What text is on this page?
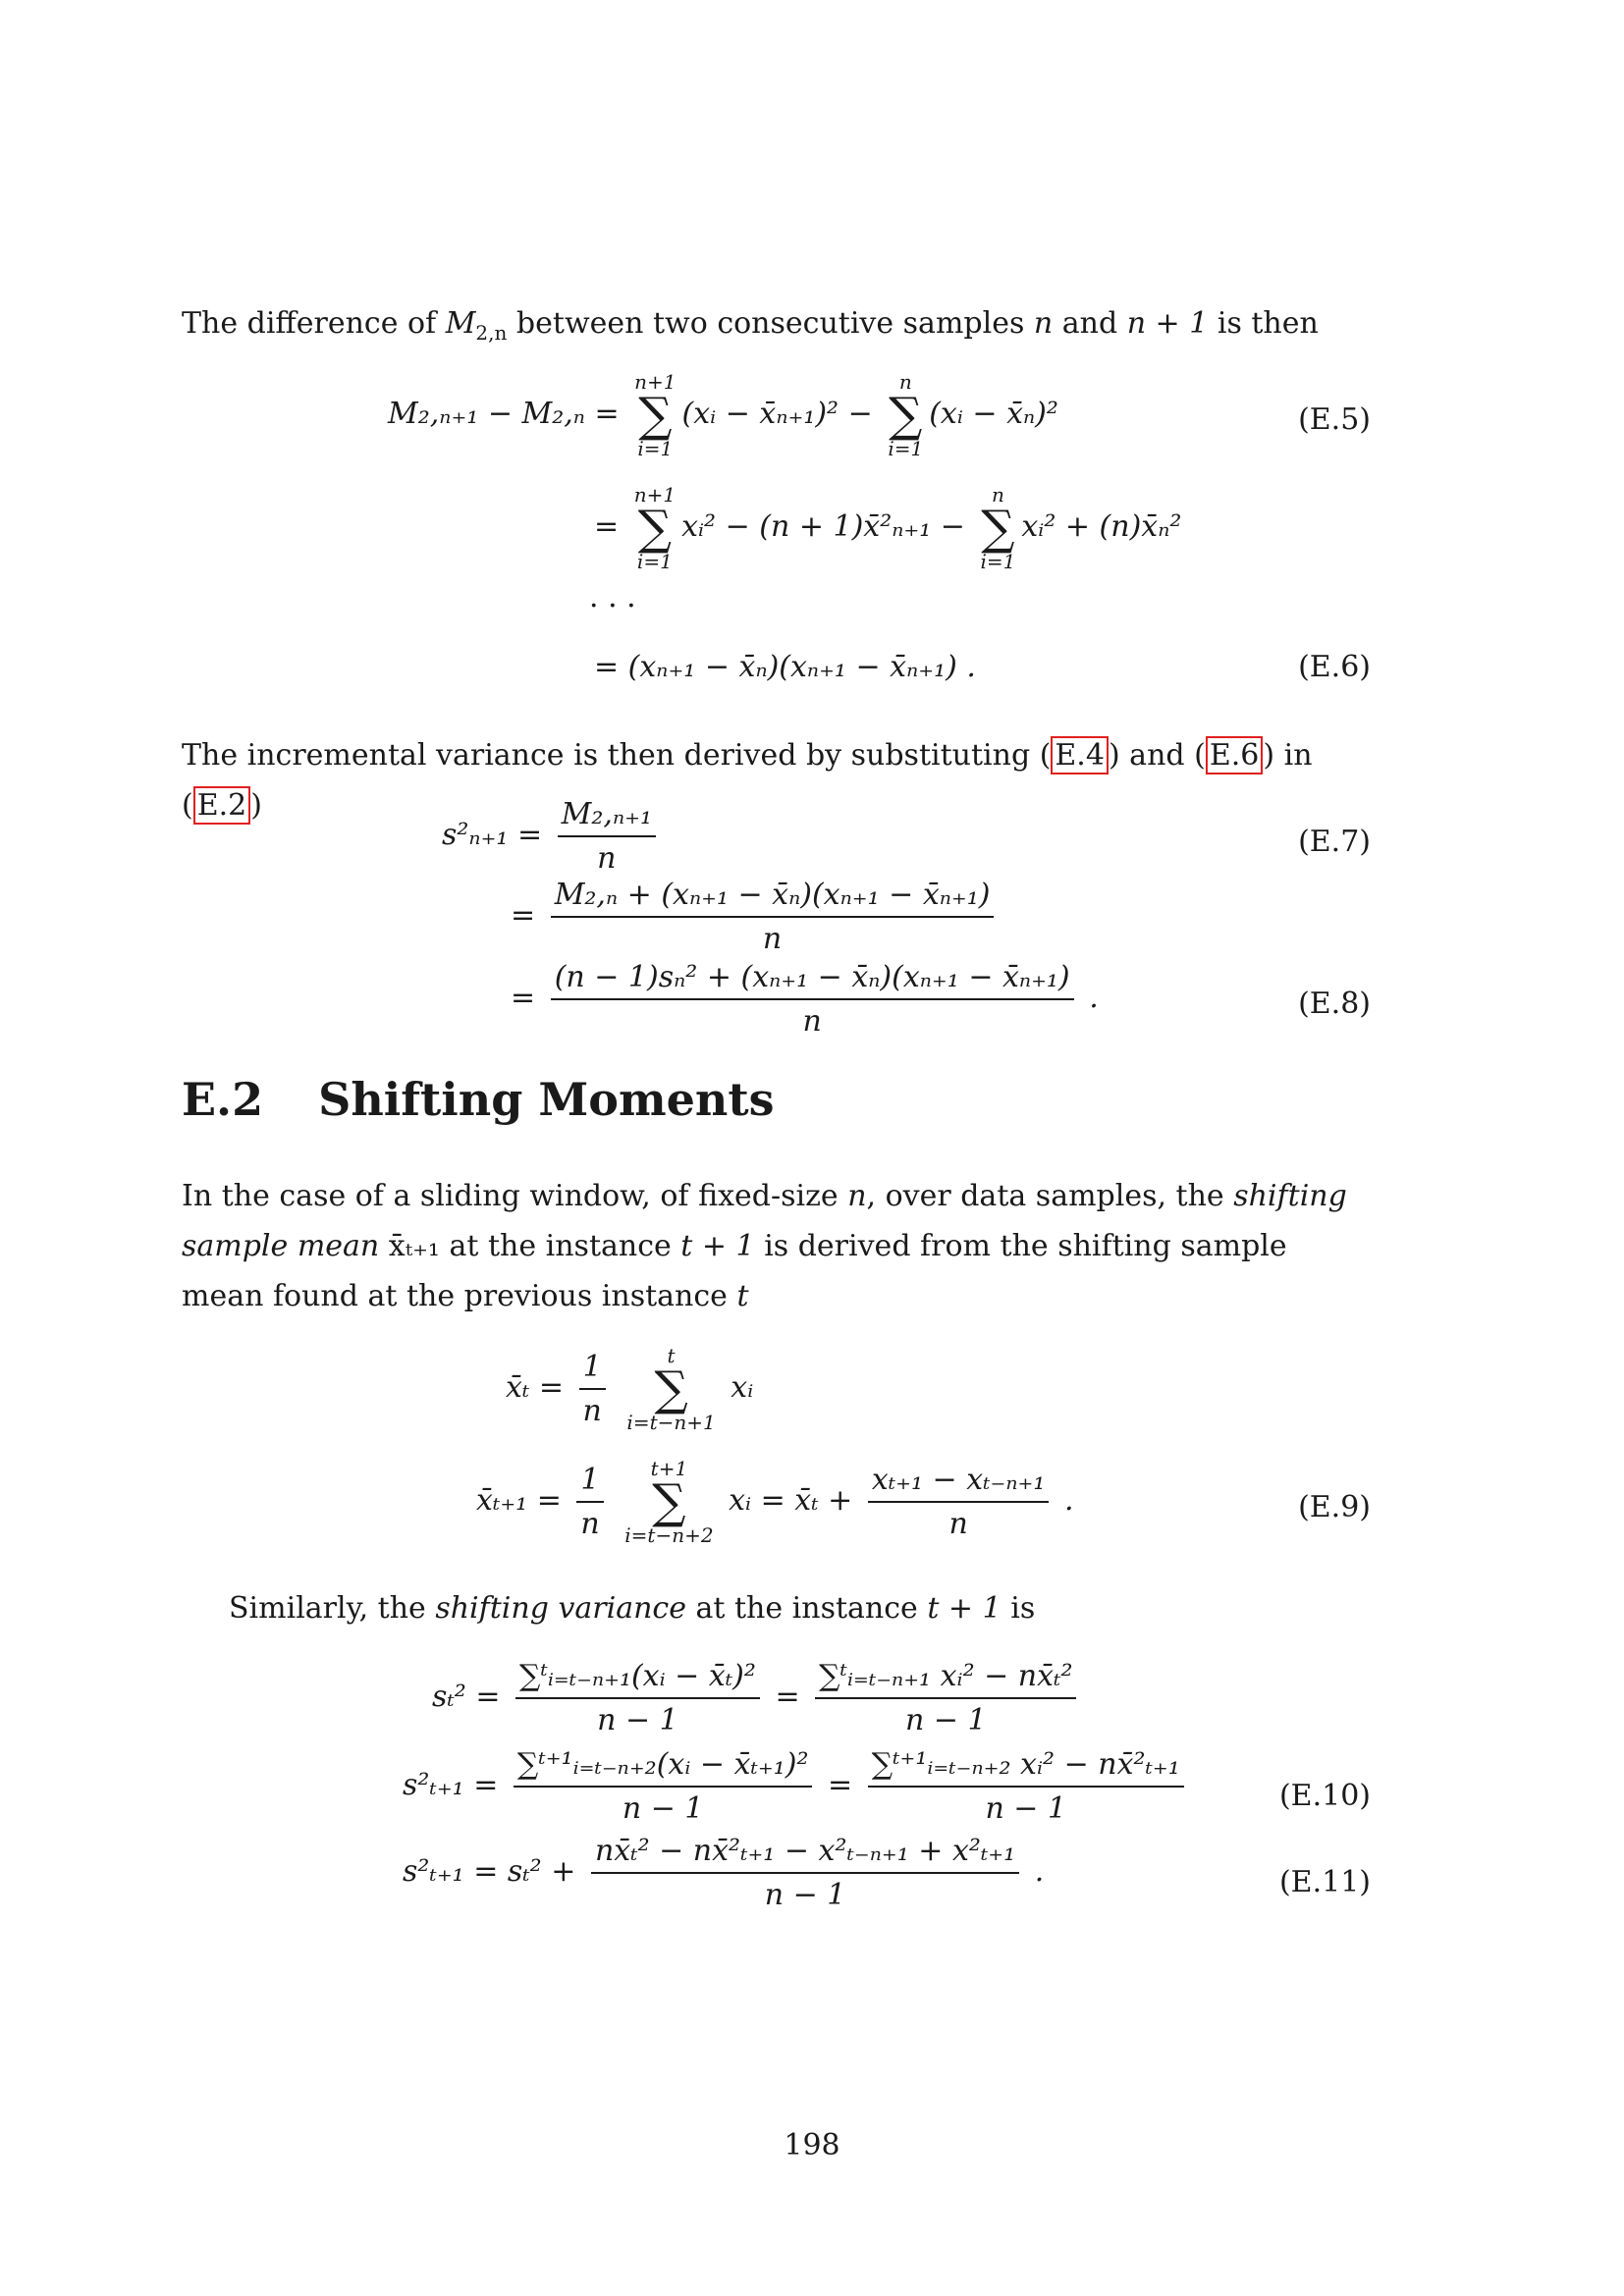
The difference of $M_{2,n}$ between two consecutive samples n and n + 1 is then
M₂,ₙ₊₁ − M₂,ₙ =
n+1
∑
i=1
(xᵢ − x̄ₙ₊₁)² −
n
∑
i=1
(xᵢ − x̄ₙ)²	(E.5)
=
n+1
∑
i=1
xᵢ² − (n + 1)x̄²ₙ₊₁ −
n
∑
i=1
xᵢ² + (n)x̄ₙ²
· · ·
= (xₙ₊₁ − x̄ₙ)(xₙ₊₁ − x̄ₙ₊₁) .	(E.6)
The incremental variance is then derived by substituting ( E.4 ) and ( E.6 ) in ( E.2 )
$s^2_{n+1} = \frac{\text{M₂,ₙ₊₁}}{n}$	(E.7)
= $\frac{\text{M₂,ₙ + (xₙ₊₁ − x̄ₙ)(xₙ₊₁ − x̄ₙ₊₁)}}{n}$
= $\frac{\text{(n − 1)sₙ² + (xₙ₊₁ − x̄ₙ)(xₙ₊₁ − x̄ₙ₊₁)}}{n}$ .	(E.8)
E.2 Shifting Moments
In the case of a sliding window, of fixed-size n, over data samples, the shifting sample mean x̄ₜ₊₁ at the instance t + 1 is derived from the shifting sample mean found at the previous instance t
x̄ₜ = $\frac{1}{n}$
	t
∑
i=t−n+1
xᵢ
x̄ₜ₊₁ = $\frac{1}{n}$
	t+1
∑
i=t−n+2
xᵢ = x̄ₜ + $\frac{\text{xₜ₊₁ − xₜ₋ₙ₊₁}}{n}$ .	(E.9)
Similarly, the shifting variance at the instance t + 1 is
$s_t^2 = \frac{\text{∑ᵗᵢ₌ₜ₋ₙ₊₁(xᵢ − x̄ₜ)²}}{n - 1} = \frac{\text{∑ᵗᵢ₌ₜ₋ₙ₊₁ xᵢ² − nx̄ₜ²}}{n - 1}$
$s^2_{t+1} = \frac{\text{∑ᵗ⁺¹ᵢ₌ₜ₋ₙ₊₂(xᵢ − x̄ₜ₊₁)²}}{n - 1} = \frac{\text{∑ᵗ⁺¹ᵢ₌ₜ₋ₙ₊₂ xᵢ² − nx̄²ₜ₊₁}}{n - 1}$	(E.10)
$s^2_{t+1} = s_t^2 + \frac{\text{nx̄ₜ² − nx̄²ₜ₊₁ − x²ₜ₋ₙ₊₁ + x²ₜ₊₁}}{n - 1}$ .	(E.11)
198
